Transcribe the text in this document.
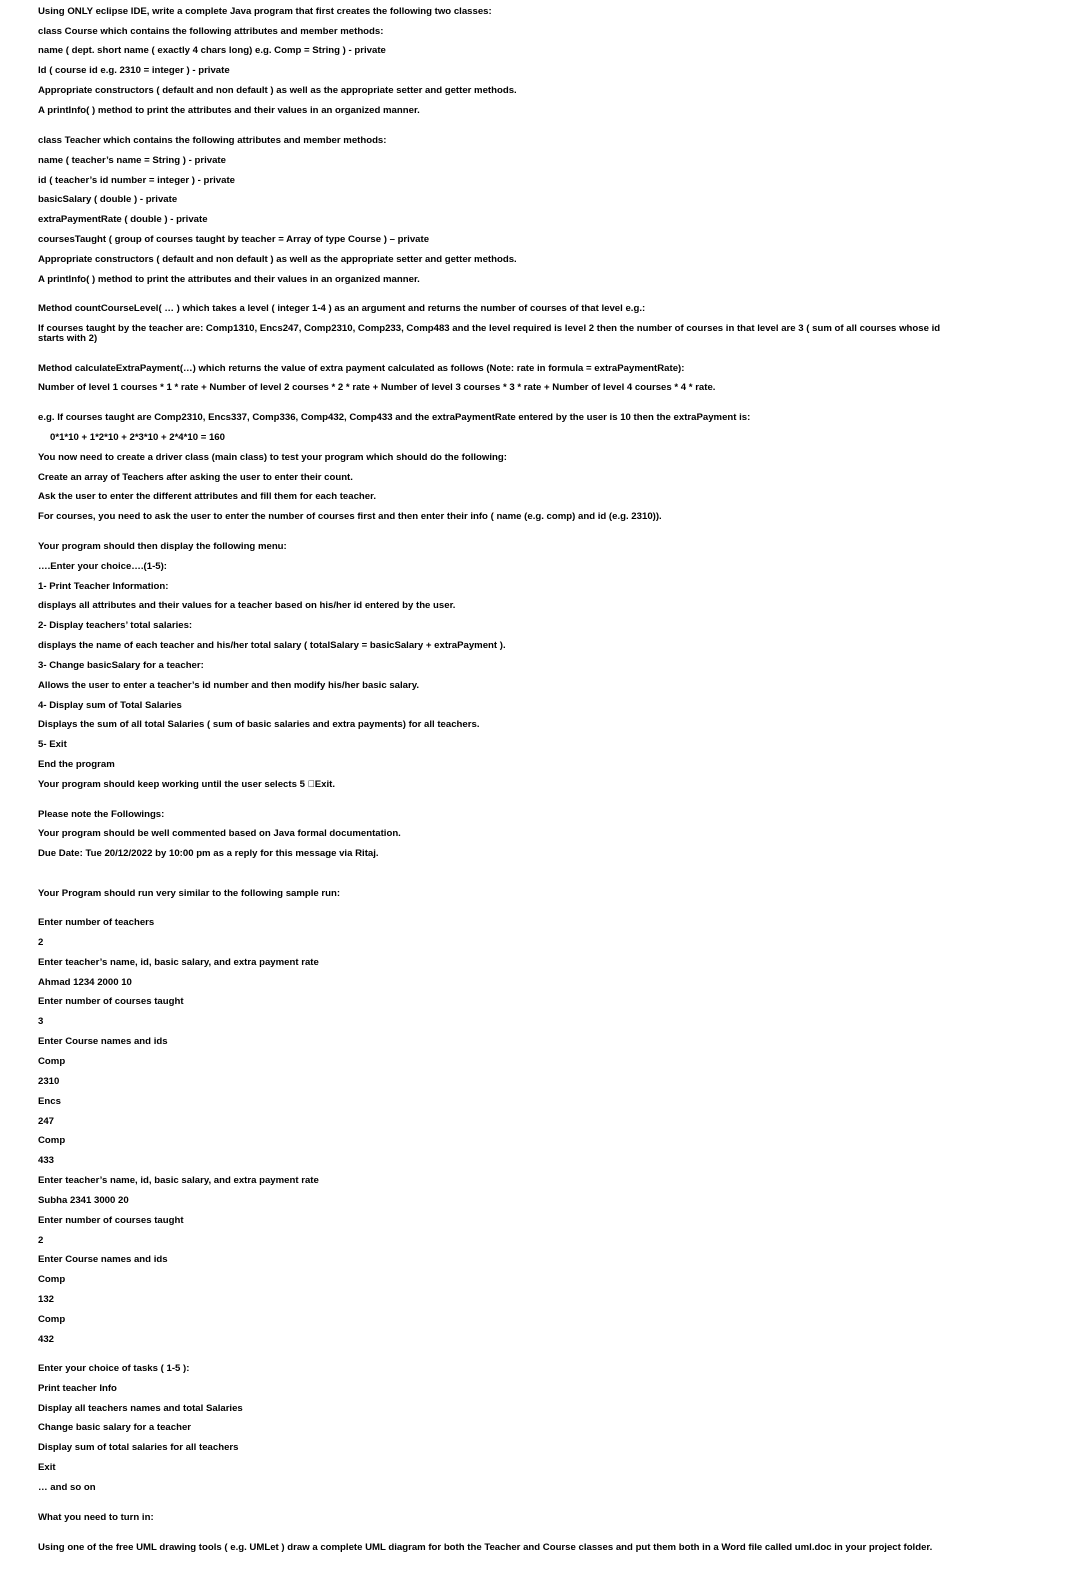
Using ONLY eclipse IDE, write a complete Java program that first creates the following two classes:
class Course which contains the following attributes and member methods:
name ( dept. short name ( exactly 4 chars long) e.g. Comp = String ) - private
Id ( course id e.g. 2310 = integer ) - private
Appropriate constructors ( default and non default ) as well as the appropriate setter and getter methods.
A printInfo( ) method to print the attributes and their values in an organized manner.
class Teacher which contains the following attributes and member methods:
name ( teacher’s name = String ) - private
id ( teacher’s id number = integer ) - private
basicSalary ( double ) - private
extraPaymentRate ( double ) - private
coursesTaught ( group of courses taught by teacher = Array of type Course ) – private
Appropriate constructors ( default and non default ) as well as the appropriate setter and getter methods.
A printInfo( ) method to print the attributes and their values in an organized manner.
Method countCourseLevel( … ) which takes a level ( integer 1-4 ) as an argument and returns the number of courses of that level e.g.:
If courses taught by the teacher are: Comp1310, Encs247, Comp2310, Comp233, Comp483 and the level required is level 2 then the number of courses in that level are 3 ( sum of all courses whose id starts with 2)
Method calculateExtraPayment(…) which returns the value of extra payment calculated as follows (Note: rate in formula = extraPaymentRate):
Number of level 1 courses * 1 * rate + Number of level 2 courses * 2 * rate + Number of level 3 courses * 3 * rate + Number of level 4 courses * 4 * rate.
e.g. If courses taught are Comp2310, Encs337, Comp336, Comp432, Comp433 and the extraPaymentRate entered by the user is 10 then the extraPayment is:
0*1*10 + 1*2*10 + 2*3*10 + 2*4*10 = 160
You now need to create a driver class (main class) to test your program which should do the following:
Create an array of Teachers after asking the user to enter their count.
Ask the user to enter the different attributes and fill them for each teacher.
For courses, you need to ask the user to enter the number of courses first and then enter their info ( name (e.g. comp) and id (e.g. 2310)).
Your program should then display the following menu:
….Enter your choice….(1-5):
1- Print Teacher Information:
displays all attributes and their values for a teacher based on his/her id entered by the user.
2- Display teachers’ total salaries:
displays the name of each teacher and his/her total salary ( totalSalary = basicSalary + extraPayment ).
3- Change basicSalary for a teacher:
Allows the user to enter a teacher’s id number and then modify his/her basic salary.
4- Display sum of Total Salaries
Displays the sum of all total Salaries ( sum of basic salaries and extra payments) for all teachers.
5- Exit
End the program
Your program should keep working until the user selects 5  Exit.
Please note the Followings:
Your program should be well commented based on Java formal documentation.
Due Date: Tue 20/12/2022 by 10:00 pm as a reply for this message via Ritaj.
Your Program should run very similar to the following sample run:
Enter number of teachers
2
Enter teacher’s name, id, basic salary, and extra payment rate
Ahmad 1234 2000 10
Enter number of courses taught
3
Enter Course names and ids
Comp
2310
Encs
247
Comp
433
Enter teacher’s name, id, basic salary, and extra payment rate
Subha 2341 3000 20
Enter number of courses taught
2
Enter Course names and ids
Comp
132
Comp
432
Enter your choice of tasks ( 1-5 ):
Print teacher Info
Display all teachers names and total Salaries
Change basic salary for a teacher
Display sum of total salaries for all teachers
Exit
… and so on
What you need to turn in:
Using one of the free UML drawing tools ( e.g. UMLet ) draw a complete UML diagram for both the Teacher and Course classes and put them both in a Word file called uml.doc in your project folder.
